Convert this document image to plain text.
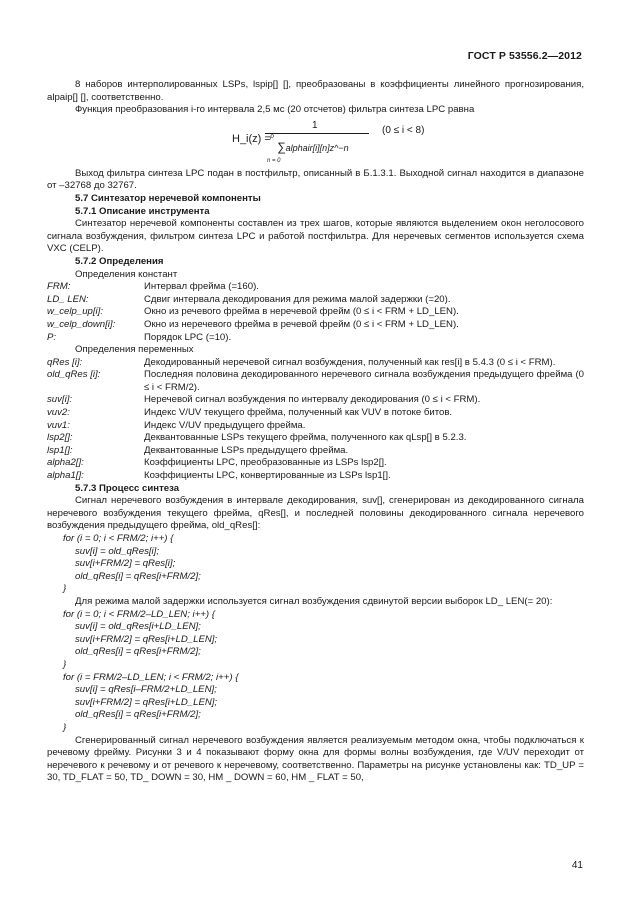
ГОСТ Р 53556.2—2012

8 наборов интерполированных LSPs, lspip[] [], преобразованы в коэффициенты линейного прогнозирования, alpaip[] [], соответственно.

Функция преобразования i-го интервала 2,5 мс (20 отсчетов) фильтра синтеза LPC равна

H_i(z) =
1
P
∑alphair[i][n]z^−n
n = 0
(0 ≤ i < 8)

Выход фильтра синтеза LPC подан в постфильтр, описанный в Б.1.3.1. Выходной сигнал находится в диапазоне от –32768 до 32767.

5.7 Синтезатор неречевой компоненты

5.7.1 Описание инструмента

Синтезатор неречевой компоненты составлен из трех шагов, которые являются выделением окон неголосового сигнала возбуждения, фильтром синтеза LPC и работой постфильтра. Для неречевых сегментов используется схема VXC (CELP).

5.7.2 Определения

Определения констант

FRM:	Интервал фрейма (=160).
LD_ LEN:	Сдвиг интервала декодирования для режима малой задержки (=20).
w_celp_up[i]:	Окно из речевого фрейма в неречевой фрейм (0 ≤ i < FRM + LD_LEN).
w_celp_down[i]:	Окно из неречевого фрейма в речевой фрейм (0 ≤ i < FRM + LD_LEN).
P:	Порядок LPC (=10).

Определения переменных

qRes [i]:	Декодированный неречевой сигнал возбуждения, полученный как res[i] в 5.4.3 (0 ≤ i < FRM).
old_qRes [i]:	Последняя половина декодированного неречевого сигнала возбуждения предыдущего фрейма (0 ≤ i < FRM/2).
suv[i]:	Неречевой сигнал возбуждения по интервалу декодирования (0 ≤ i < FRM).
vuv2:	Индекс V/UV текущего фрейма, полученный как VUV в потоке битов.
vuv1:	Индекс V/UV предыдущего фрейма.
lsp2[]:	Деквантованные LSPs текущего фрейма, полученного как qLsp[] в 5.2.3.
lsp1[]:	Деквантованные LSPs предыдущего фрейма.
alpha2[]:	Коэффициенты LPC, преобразованные из LSPs lsp2[].
alpha1[]:	Коэффициенты LPC, конвертированные из LSPs lsp1[].

5.7.3 Процесс синтеза

Сигнал неречевого возбуждения в интервале декодирования, suv[], сгенерирован из декодированного сигнала неречевого возбуждения текущего фрейма, qRes[], и последней половины декодированного сигнала неречевого возбуждения предыдущего фрейма, old_qRes[]:

for (i = 0; i < FRM/2; i++) {
suv[i] = old_qRes[i];
suv[i+FRM/2] = qRes[i];
old_qRes[i] = qRes[i+FRM/2];
}

Для режима малой задержки используется сигнал возбуждения сдвинутой версии выборок LD_ LEN(= 20):

for (i = 0; i < FRM/2–LD_LEN; i++) {
suv[i] = old_qRes[i+LD_LEN];
suv[i+FRM/2] = qRes[i+LD_LEN];
old_qRes[i] = qRes[i+FRM/2];
}
for (i = FRM/2–LD_LEN; i < FRM/2; i++) {
suv[i] = qRes[i–FRM/2+LD_LEN];
suv[i+FRM/2] = qRes[i+LD_LEN];
old_qRes[i] = qRes[i+FRM/2];
}

Сгенерированный сигнал неречевого возбуждения является реализуемым методом окна, чтобы подключаться к речевому фрейму. Рисунки 3 и 4 показывают форму окна для формы волны возбуждения, где V/UV переходит от неречевого к речевому и от речевого к неречевому, соответственно. Параметры на рисунке установлены как: TD_UP = 30, TD_FLAT = 50, TD_ DOWN = 30, HM _ DOWN = 60, HM _ FLAT = 50,

41
